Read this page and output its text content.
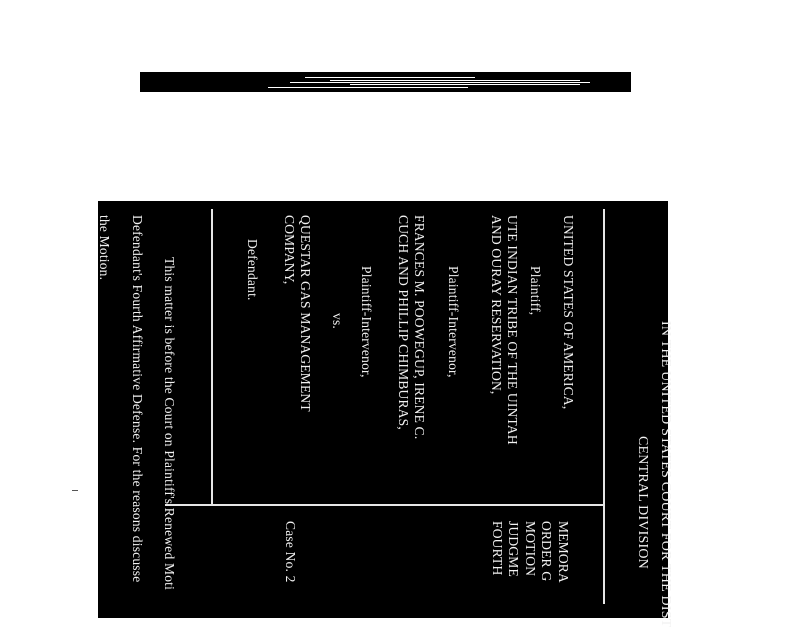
IN THE UNITED STATES COURT FOR THE DIST
CENTRAL DIVISION
UNITED STATES OF AMERICA,
Plaintiff,
UTE INDIAN TRIBE OF THE UINTAH
AND OURAY RESERVATION,
Plaintiff-Intervenor,
FRANCES M. POOWEGUP, IRENE C.
CUCH AND PHILLIP CHIMBURAS,
Plaintiff-Intervenor,
vs.
QUESTAR GAS MANAGEMENT
COMPANY,
Defendant.
MEMORA
ORDER G
MOTION
JUDGME
FOURTH
Case No. 2
This matter is before the Court on Plaintiff's Renewed Moti
Defendant's Fourth Affirmative Defense. For the reasons discusse
the Motion.
